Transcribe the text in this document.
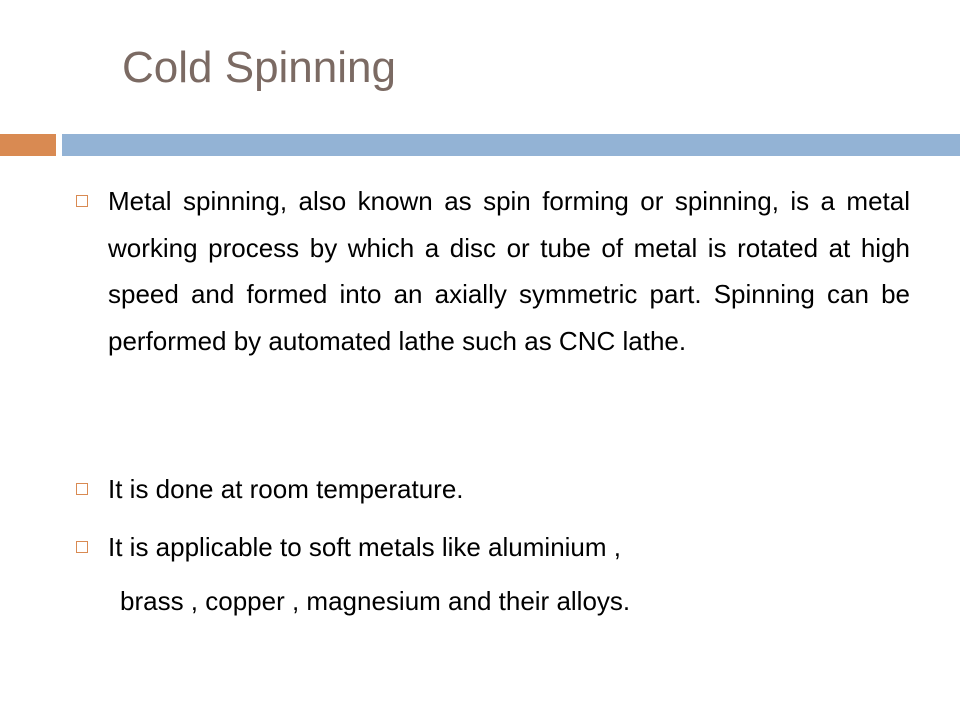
Cold Spinning
Metal spinning, also known as spin forming or spinning, is a metal working process by which a disc or tube of metal is rotated at high speed and formed into an axially symmetric part. Spinning can be performed by automated lathe such as CNC lathe.
It is done at room temperature.
It is applicable to soft metals like aluminium ,
brass , copper , magnesium and their alloys.
